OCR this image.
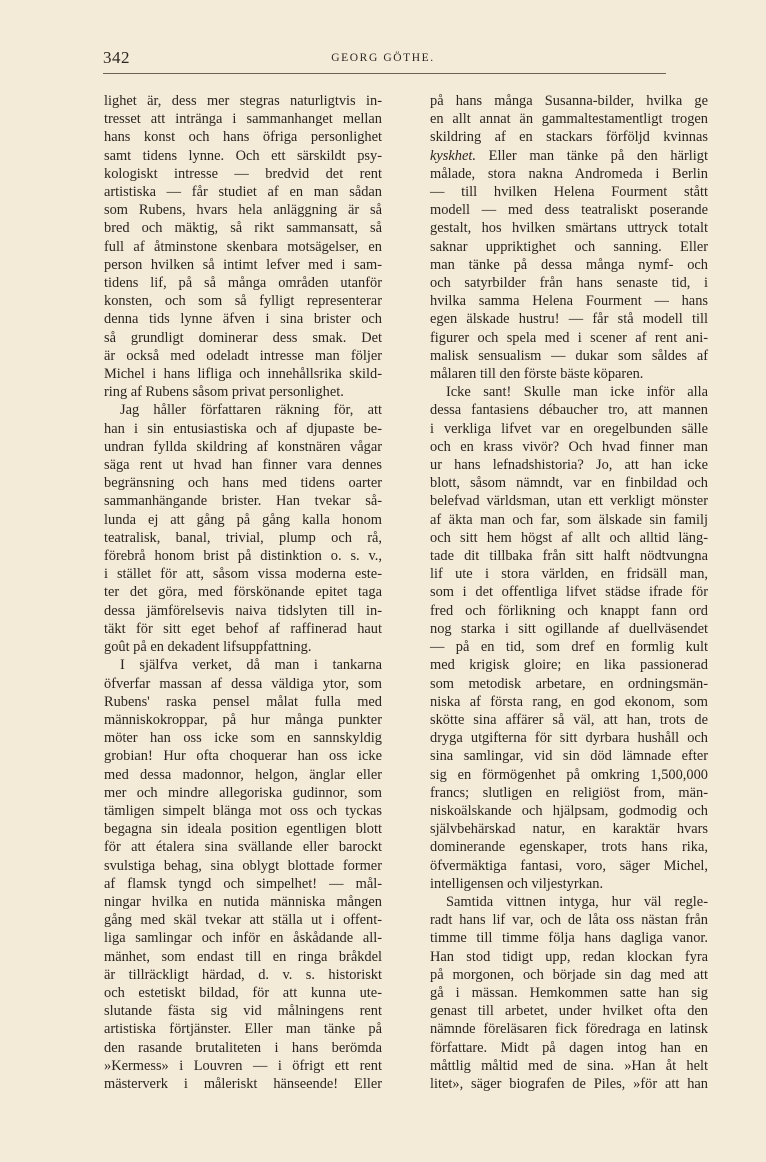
342	GEORG GÖTHE.
lighet är, dess mer stegras naturligtvis in-
tresset att inträngа i sammanhanget mellan
hans konst och hans öfriga personlighet
samt tidens lynne. Och ett särskildt psy-
kologiskt intresse — bredvid det rent
artistiska — får studiet af en man sådan
som Rubens, hvars hela anläggning är så
bred och mäktig, så rikt sammansatt, så
full af åtminstone skenbara motsägelser, en
person hvilken så intimt lefver med i sam-
tidens lif, på så många områden utanför
konsten, och som så fylligt representerar
denna tids lynne äfven i sina brister och
så grundligt dominerar dess smak. Det
är också med odeladt intresse man följer
Michel i hans lifliga och innehållsrika skild-
ring af Rubens såsom privat personlighet.
Jag håller författaren räkning för, att
han i sin entusiastiska och af djupaste be-
undran fyllda skildring af konstnären vågar
säga rent ut hvad han finner vara dennes
begränsning och hans med tidens oarter
sammanhängande brister. Han tvekar så-
lunda ej att gång på gång kalla honom
teatralisk, banal, trivial, plump och rå,
förebrå honom brist på distinktion o. s. v.,
i stället för att, såsom vissa moderna este-
ter det göra, med förskönande epitet taga
dessa jämförelsevis naiva tidslyten till in-
täkt för sitt eget behof af raffinerad haut
goût på en dekadent lifsuppfattning.
I själfva verket, då man i tankarna
öfverfar massan af dessa väldiga ytor, som
Rubens' raska pensel målat fulla med
människokroppar, på hur många punkter
möter han oss icke som en sannskyldig
grobian! Hur ofta choquerar han oss icke
med dessa madonnor, helgon, änglar eller
mer och mindre allegoriska gudinnor, som
tämligen simpelt blänga mot oss och tyckas
begagna sin ideala position egentligen blott
för att étalera sina svällande eller barockt
svulstiga behag, sina oblygt blottade former
af flamsk tyngd och simpelhet! — mål-
ningar hvilka en nutida människa mången
gång med skäl tvekar att ställa ut i offent-
liga samlingar och inför en åskådande all-
mänhet, som endast till en ringa bråkdel
är tillräckligt härdad, d. v. s. historiskt
och estetiskt bildad, för att kunna ute-
slutande fästa sig vid målningens rent
artistiska förtjänster. Eller man tänke på
den rasande brutaliteten i hans berömda
»Kermess» i Louvren — i öfrigt ett rent
mästerverk i måleriskt hänseende! Eller
på hans många Susanna-bilder, hvilka ge
en allt annat än gammaltestamentligt trogen
skildring af en stackars förföljd kvinnas
kyskhet. Eller man tänke på den härligt
målade, stora nakna Andromeda i Berlin
— till hvilken Helena Fourment stått
modell — med dess teatraliskt poserande
gestalt, hos hvilken smärtans uttryck totalt
saknar uppriktighet och sanning. Eller
man tänke på dessa många nymf- och
och satyrbilder från hans senaste tid, i
hvilka samma Helena Fourment — hans
egen älskade hustru! — får stå modell till
figurer och spela med i scener af rent ani-
malisk sensualism — dukar som såldes af
målaren till den förste bäste köparen.
Icke sant! Skulle man icke inför alla
dessa fantasiens débaucher tro, att mannen
i verkliga lifvet var en oregelbunden sälle
och en krass vivör? Och hvad finner man
ur hans lefnadshistoria? Jo, att han icke
blott, såsom nämndt, var en finbildad och
belefvad världsman, utan ett verkligt mönster
af äkta man och far, som älskade sin familj
och sitt hem högst af allt och alltid läng-
tade dit tillbaka från sitt halft nödtvungna
lif ute i stora världen, en fridsäll man,
som i det offentliga lifvet städse ifrade för
fred och förlikning och knappt fann ord
nog starka i sitt ogillande af duellväsendet
— på en tid, som dref en formlig kult
med krigisk gloire; en lika passionerad
som metodisk arbetare, en ordningsmän-
niska af första rang, en god ekonom, som
skötte sina affärer så väl, att han, trots de
dryga utgifterna för sitt dyrbara hushåll och
sina samlingar, vid sin död lämnade efter
sig en förmögenhet på omkring 1,500,000
francs; slutligen en religiöst from, män-
niskoälskande och hjälpsam, godmodig och
självbehärskad natur, en karaktär hvars
dominerande egenskaper, trots hans rika,
öfvermäktiga fantasi, voro, säger Michel,
intelligensen och viljestyrkan.
Samtida vittnen intyga, hur väl regle-
radt hans lif var, och de låta oss nästan från
timme till timme följa hans dagliga vanor.
Han stod tidigt upp, redan klockan fyra
på morgonen, och började sin dag med att
gå i mässan. Hemkommen satte han sig
genast till arbetet, under hvilket ofta den
nämnde föreläsaren fick föredraga en latinsk
författare. Midt på dagen intog han en
måttlig måltid med de sina. »Han åt helt
litet», säger biografen de Piles, »för att han
